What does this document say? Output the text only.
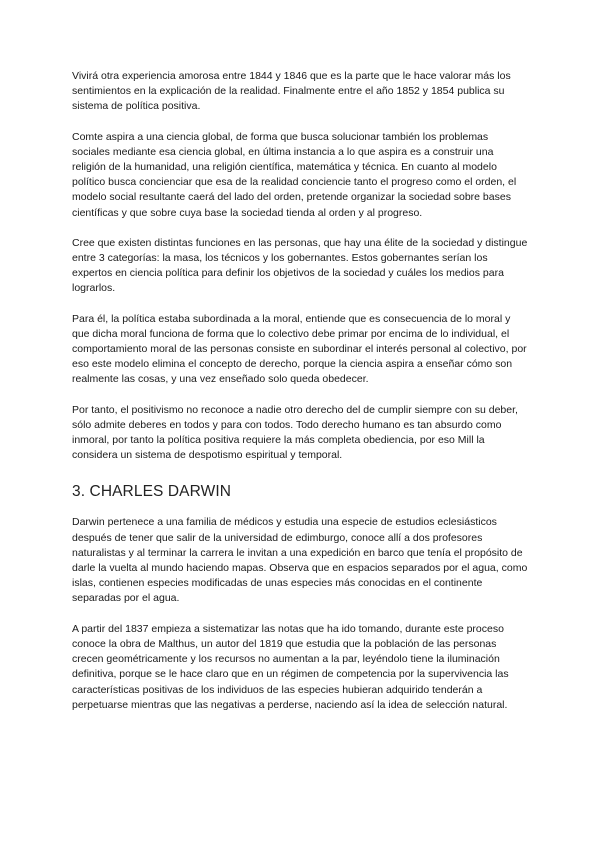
Vivirá otra experiencia amorosa entre 1844 y 1846 que es la parte que le hace valorar más los sentimientos en la explicación de la realidad. Finalmente entre el año 1852 y 1854 publica su sistema de política positiva.

Comte aspira a una ciencia global, de forma que busca solucionar también los problemas sociales mediante esa ciencia global, en última instancia a lo que aspira es a construir una religión de la humanidad, una religión científica, matemática y técnica. En cuanto al modelo político busca concienciar que esa de la realidad conciencie tanto el progreso como el orden, el modelo social resultante caerá del lado del orden, pretende organizar la sociedad sobre bases científicas y que sobre cuya base la sociedad tienda al orden y al progreso.

Cree que existen distintas funciones en las personas, que hay una élite de la sociedad y distingue entre 3 categorías: la masa, los técnicos y los gobernantes. Estos gobernantes serían los expertos en ciencia política para definir los objetivos de la sociedad y cuáles los medios para lograrlos.

Para él, la política estaba subordinada a la moral, entiende que es consecuencia de lo moral y que dicha moral funciona de forma que lo colectivo debe primar por encima de lo individual, el comportamiento moral de las personas consiste en subordinar el interés personal al colectivo, por eso este modelo elimina el concepto de derecho, porque la ciencia aspira a enseñar cómo son realmente las cosas, y una vez enseñado solo queda obedecer.

Por tanto, el positivismo no reconoce a nadie otro derecho del de cumplir siempre con su deber, sólo admite deberes en todos y para con todos. Todo derecho humano es tan absurdo como inmoral, por tanto la política positiva requiere la más completa obediencia, por eso Mill la considera un sistema de despotismo espiritual y temporal.

3. CHARLES DARWIN

Darwin pertenece a una familia de médicos y estudia una especie de estudios eclesiásticos después de tener que salir de la universidad de edimburgo, conoce allí a dos profesores naturalistas y al terminar la carrera le invitan a una expedición en barco que tenía el propósito de darle la vuelta al mundo haciendo mapas. Observa que en espacios separados por el agua, como islas, contienen especies modificadas de unas especies más conocidas en el continente separadas por el agua.

A partir del 1837 empieza a sistematizar las notas que ha ido tomando, durante este proceso conoce la obra de Malthus, un autor del 1819 que estudia que la población de las personas crecen geométricamente y los recursos no aumentan a la par, leyéndolo tiene la iluminación definitiva, porque se le hace claro que en un régimen de competencia por la supervivencia las características positivas de los individuos de las especies hubieran adquirido tenderán a perpetuarse mientras que las negativas a perderse, naciendo así la idea de selección natural.
